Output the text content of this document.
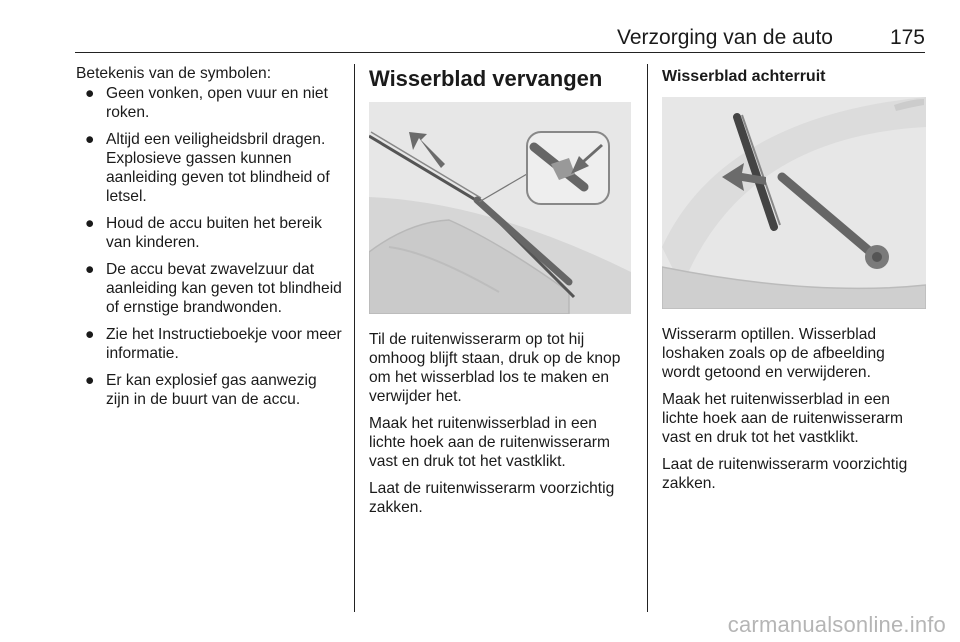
Verzorging van de auto	175
Betekenis van de symbolen:
● Geen vonken, open vuur en niet roken.
● Altijd een veiligheidsbril dragen. Explosieve gassen kunnen aanleiding geven tot blindheid of letsel.
● Houd de accu buiten het bereik van kinderen.
● De accu bevat zwavelzuur dat aanleiding kan geven tot blindheid of ernstige brandwonden.
● Zie het Instructieboekje voor meer informatie.
● Er kan explosief gas aanwezig zijn in de buurt van de accu.
Wisserblad vervangen

Til de ruitenwisserarm op tot hij omhoog blijft staan, druk op de knop om het wisserblad los te maken en verwijder het.

Maak het ruitenwisserblad in een lichte hoek aan de ruitenwisserarm vast en druk tot het vastklikt.

Laat de ruitenwisserarm voorzichtig zakken.

Wisserblad achterruit

Wisserarm optillen. Wisserblad loshaken zoals op de afbeelding wordt getoond en verwijderen.

Maak het ruitenwisserblad in een lichte hoek aan de ruitenwisserarm vast en druk tot het vastklikt.

Laat de ruitenwisserarm voorzichtig zakken.

carmanualsonline.info
